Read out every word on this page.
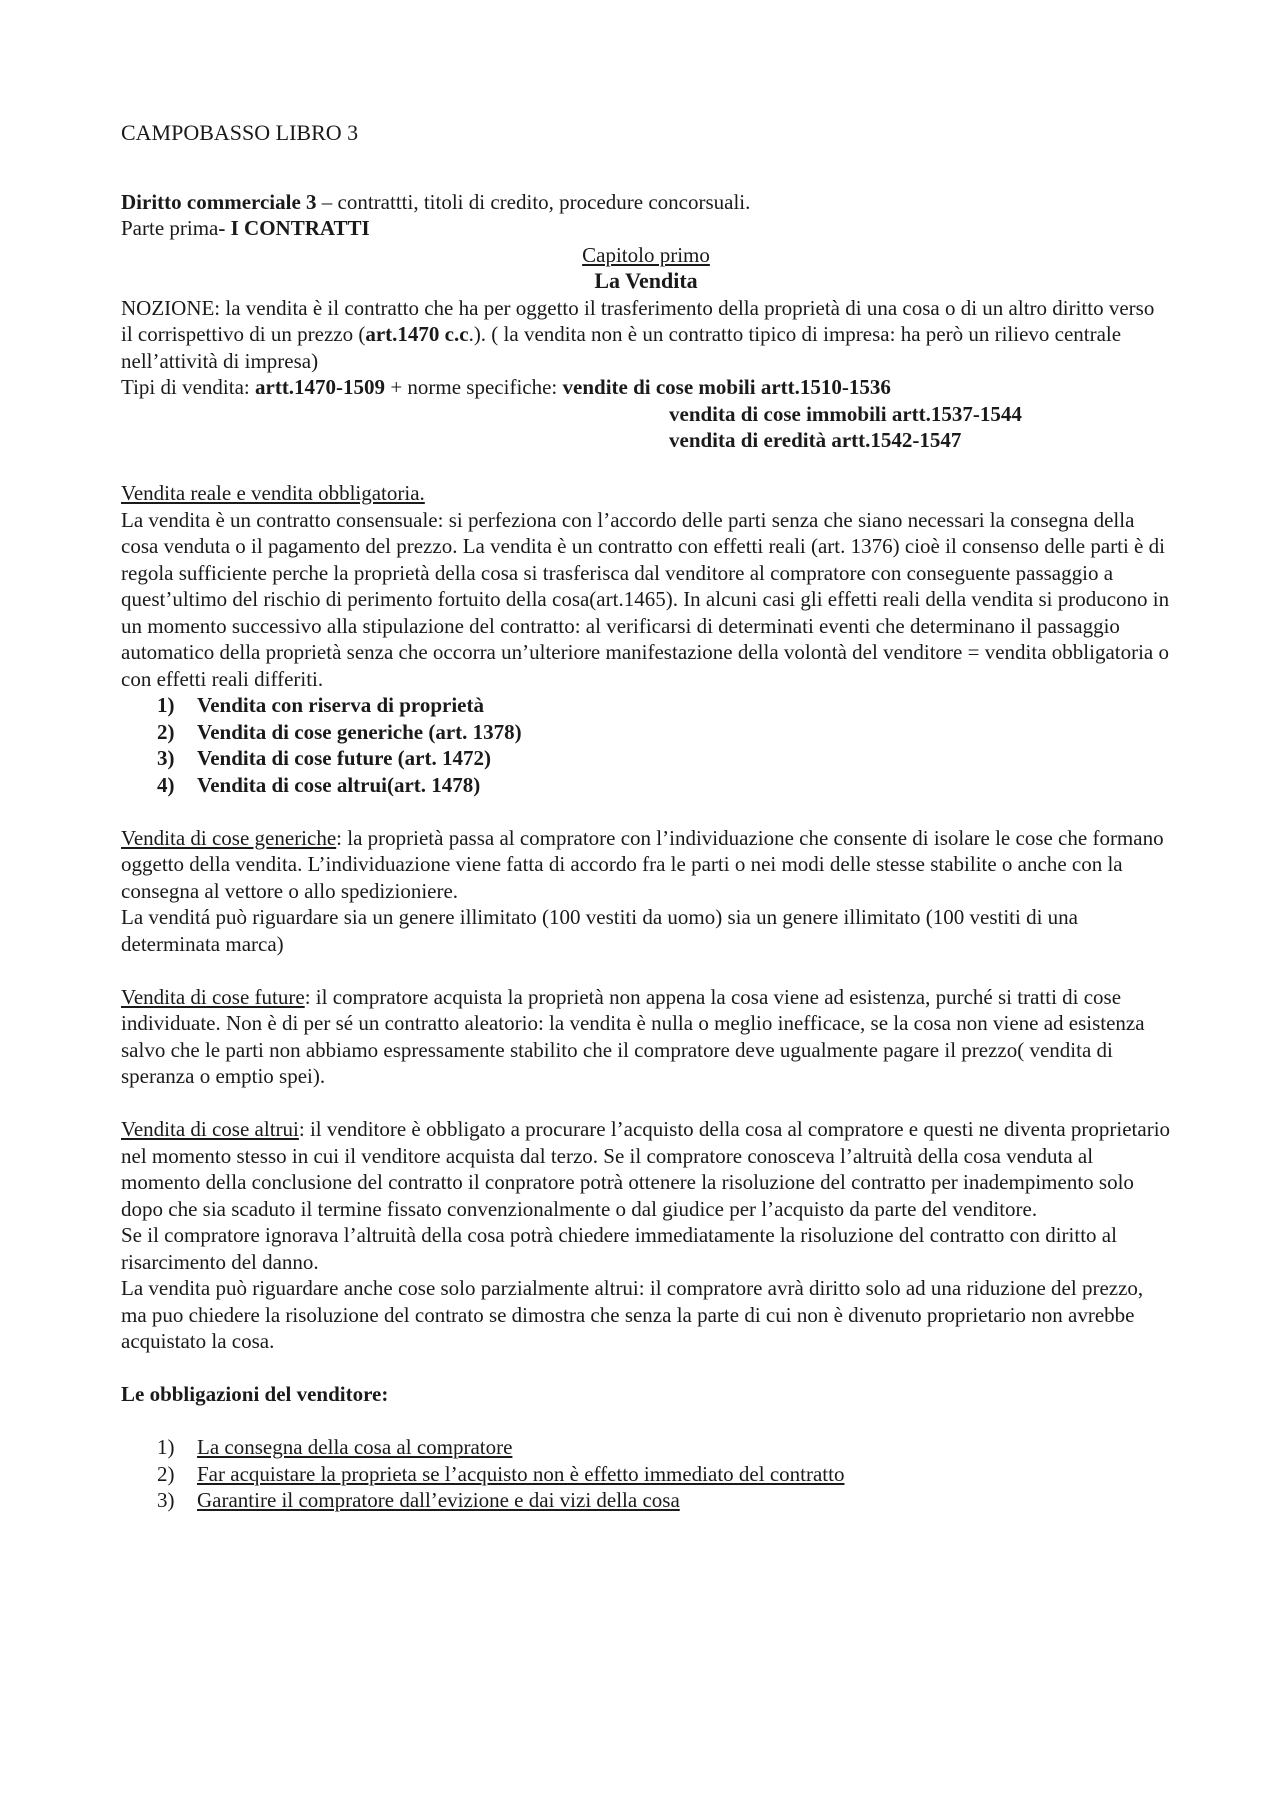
CAMPOBASSO LIBRO 3

Diritto commerciale 3 – contrattti, titoli di credito, procedure concorsuali.

Parte prima- I CONTRATTI

Capitolo primo

La Vendita

NOZIONE: la vendita è il contratto che ha per oggetto il trasferimento della proprietà di una cosa o di un altro diritto verso il corrispettivo di un prezzo (art.1470 c.c.). ( la vendita non è un contratto tipico di impresa: ha però un rilievo centrale nell’attività di impresa)

Tipi di vendita: artt.1470-1509 + norme specifiche: vendite di cose mobili artt.1510-1536

vendita di cose immobili artt.1537-1544

vendita di eredità artt.1542-1547

Vendita reale e vendita obbligatoria.

La vendita è un contratto consensuale: si perfeziona con l’accordo delle parti senza che siano necessari la consegna della cosa venduta o il pagamento del prezzo. La vendita è un contratto con effetti reali (art. 1376) cioè il consenso delle parti è di regola sufficiente perche la proprietà della cosa si trasferisca dal venditore al compratore con conseguente passaggio a quest’ultimo del rischio di perimento fortuito della cosa(art.1465). In alcuni casi gli effetti reali della vendita si producono in un momento successivo alla stipulazione del contratto: al verificarsi di determinati eventi che determinano il passaggio automatico della proprietà senza che occorra un’ulteriore manifestazione della volontà del venditore = vendita obbligatoria o con effetti reali differiti.

1)	Vendita con riserva di proprietà
2)	Vendita di cose generiche (art. 1378)
3)	Vendita di cose future (art. 1472)
4)	Vendita di cose altrui(art. 1478)

Vendita di cose generiche: la proprietà passa al compratore con l’individuazione che consente di isolare le cose che formano oggetto della vendita. L’individuazione viene fatta di accordo fra le parti o nei modi delle stesse stabilite o anche con la consegna al vettore o allo spedizioniere.

La venditá può riguardare sia un genere illimitato (100 vestiti da uomo) sia un genere illimitato (100 vestiti di una determinata marca)

Vendita di cose future: il compratore acquista la proprietà non appena la cosa viene ad esistenza, purché si tratti di cose individuate. Non è di per sé un contratto aleatorio: la vendita è nulla o meglio inefficace, se la cosa non viene ad esistenza salvo che le parti non abbiamo espressamente stabilito che il compratore deve ugualmente pagare il prezzo( vendita di speranza o emptio spei).

Vendita di cose altrui: il venditore è obbligato a procurare l’acquisto della cosa al compratore e questi ne diventa proprietario nel momento stesso in cui il venditore acquista dal terzo. Se il compratore conosceva l’altruità della cosa venduta al momento della conclusione del contratto il conpratore potrà ottenere la risoluzione del contratto per inadempimento solo dopo che sia scaduto il termine fissato convenzionalmente o dal giudice per l’acquisto da parte del venditore.

Se il compratore ignorava l’altruità della cosa potrà chiedere immediatamente la risoluzione del contratto con diritto al risarcimento del danno.

La vendita può riguardare anche cose solo parzialmente altrui: il compratore avrà diritto solo ad una riduzione del prezzo, ma puo chiedere la risoluzione del contrato se dimostra che senza la parte di cui non è divenuto proprietario non avrebbe acquistato la cosa.

Le obbligazioni del venditore:

1)	La consegna della cosa al compratore
2)	Far acquistare la proprieta se l’acquisto non è effetto immediato del contratto
3)	Garantire il compratore dall’evizione e dai vizi della cosa
